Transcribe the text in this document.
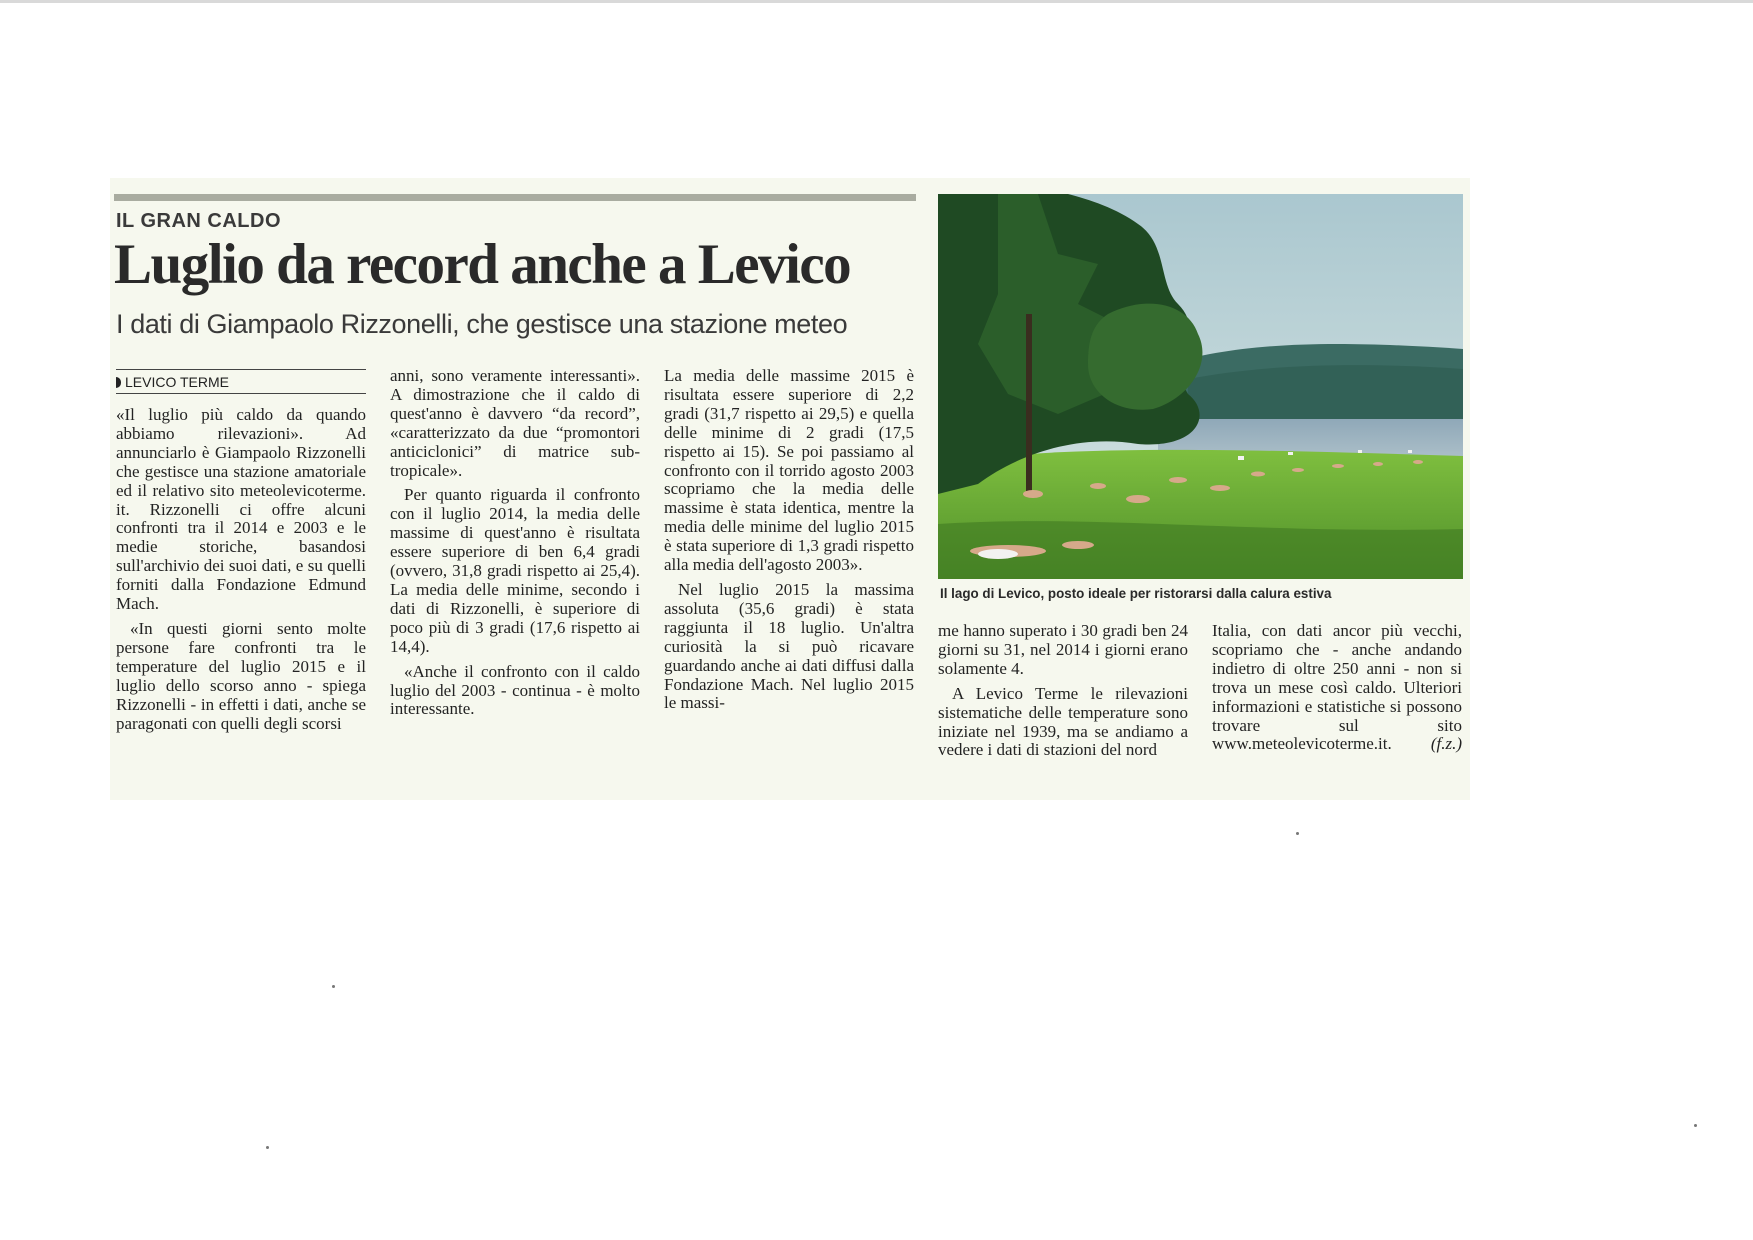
IL GRAN CALDO
Luglio da record anche a Levico
I dati di Giampaolo Rizzonelli, che gestisce una stazione meteo
LEVICO TERME

«Il luglio più caldo da quando abbiamo rilevazioni». Ad annunciarlo è Giampaolo Rizzonelli che gestisce una stazione amatoriale ed il relativo sito meteolevicoterme. it. Rizzonelli ci offre alcuni confronti tra il 2014 e 2003 e le medie storiche, basandosi sull'archivio dei suoi dati, e su quelli forniti dalla Fondazione Edmund Mach.

«In questi giorni sento molte persone fare confronti tra le temperature del luglio 2015 e il luglio dello scorso anno - spiega Rizzonelli - in effetti i dati, anche se paragonati con quelli degli scorsi

anni, sono veramente interessanti». A dimostrazione che il caldo di quest'anno è davvero “da record”, «caratterizzato da due “promontori anticiclonici” di matrice sub-tropicale».

Per quanto riguarda il confronto con il luglio 2014, la media delle massime di quest'anno è risultata essere superiore di ben 6,4 gradi (ovvero, 31,8 gradi rispetto ai 25,4). La media delle minime, secondo i dati di Rizzonelli, è superiore di poco più di 3 gradi (17,6 rispetto ai 14,4).

«Anche il confronto con il caldo luglio del 2003 - continua - è molto interessante.

La media delle massime 2015 è risultata essere superiore di 2,2 gradi (31,7 rispetto ai 29,5) e quella delle minime di 2 gradi (17,5 rispetto ai 15). Se poi passiamo al confronto con il torrido agosto 2003 scopriamo che la media delle massime è stata identica, mentre la media delle minime del luglio 2015 è stata superiore di 1,3 gradi rispetto alla media dell'agosto 2003».

Nel luglio 2015 la massima assoluta (35,6 gradi) è stata raggiunta il 18 luglio. Un'altra curiosità la si può ricavare guardando anche ai dati diffusi dalla Fondazione Mach. Nel luglio 2015 le massi-

me hanno superato i 30 gradi ben 24 giorni su 31, nel 2014 i giorni erano solamente 4.

A Levico Terme le rilevazioni sistematiche delle temperature sono iniziate nel 1939, ma se andiamo a vedere i dati di stazioni del nord

Italia, con dati ancor più vecchi, scopriamo che - anche andando indietro di oltre 250 anni - non si trova un mese così caldo. Ulteriori informazioni e statistiche si possono trovare sul sito www.meteolevicoterme.it. (f.z.)

Il lago di Levico, posto ideale per ristorarsi dalla calura estiva
